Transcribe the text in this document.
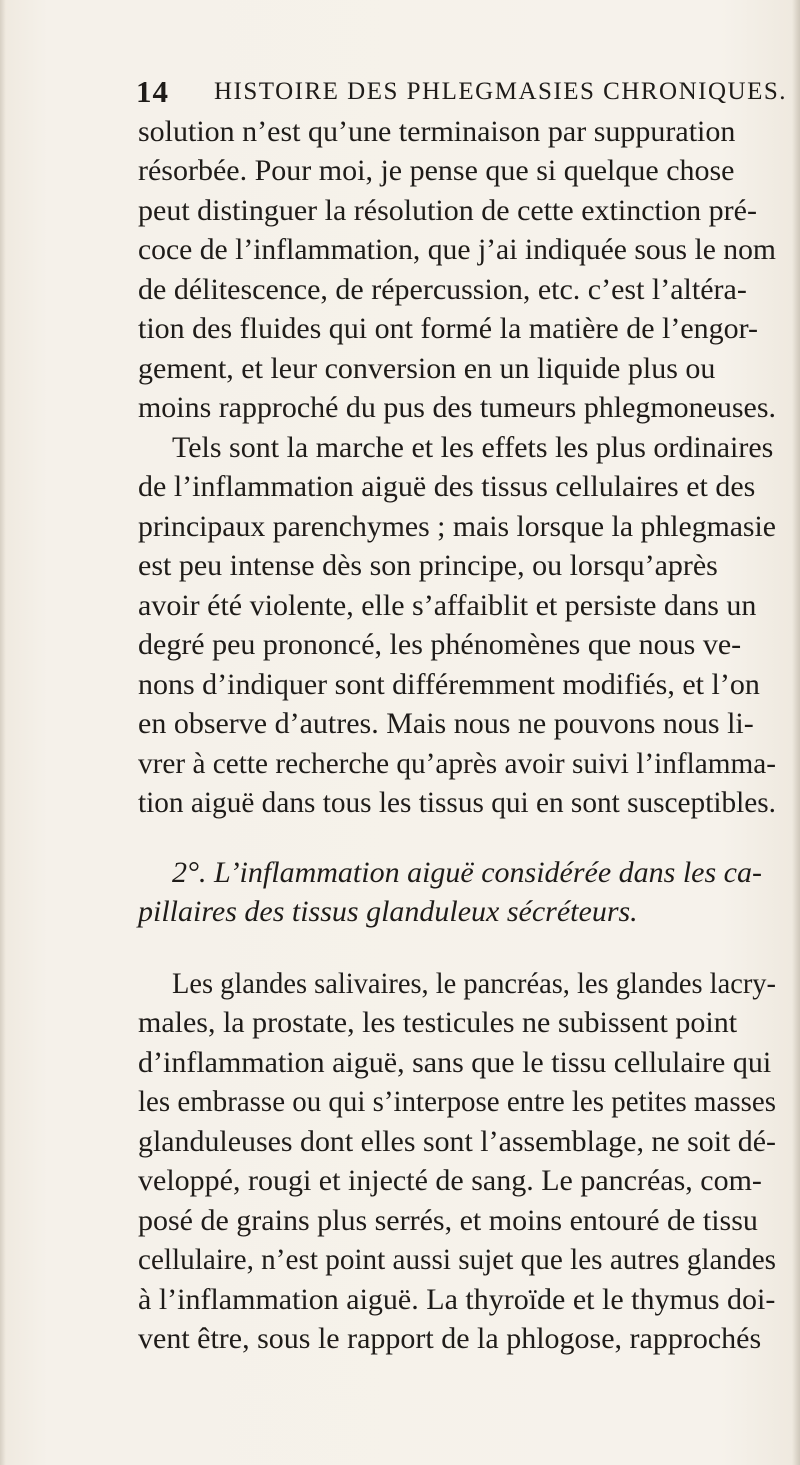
14 HISTOIRE DES PHLEGMASIES CHRONIQUES.
solution n’est qu’une terminaison par suppuration
résorbée. Pour moi, je pense que si quelque chose
peut distinguer la résolution de cette extinction pré-
coce de l’inflammation, que j’ai indiquée sous le nom
de délitescence, de répercussion, etc. c’est l’altéra-
tion des fluides qui ont formé la matière de l’engor-
gement, et leur conversion en un liquide plus ou
moins rapproché du pus des tumeurs phlegmoneuses.
Tels sont la marche et les effets les plus ordinaires
de l’inflammation aiguë des tissus cellulaires et des
principaux parenchymes ; mais lorsque la phlegmasie
est peu intense dès son principe, ou lorsqu’après
avoir été violente, elle s’affaiblit et persiste dans un
degré peu prononcé, les phénomènes que nous ve-
nons d’indiquer sont différemment modifiés, et l’on
en observe d’autres. Mais nous ne pouvons nous li-
vrer à cette recherche qu’après avoir suivi l’inflamma-
tion aiguë dans tous les tissus qui en sont susceptibles.
2°. L’inflammation aiguë considérée dans les ca-
pillaires des tissus glanduleux sécréteurs.
Les glandes salivaires, le pancréas, les glandes lacry-
males, la prostate, les testicules ne subissent point
d’inflammation aiguë, sans que le tissu cellulaire qui
les embrasse ou qui s’interpose entre les petites masses
glanduleuses dont elles sont l’assemblage, ne soit dé-
veloppé, rougi et injecté de sang. Le pancréas, com-
posé de grains plus serrés, et moins entouré de tissu
cellulaire, n’est point aussi sujet que les autres glandes
à l’inflammation aiguë. La thyroïde et le thymus doi-
vent être, sous le rapport de la phlogose, rapprochés
